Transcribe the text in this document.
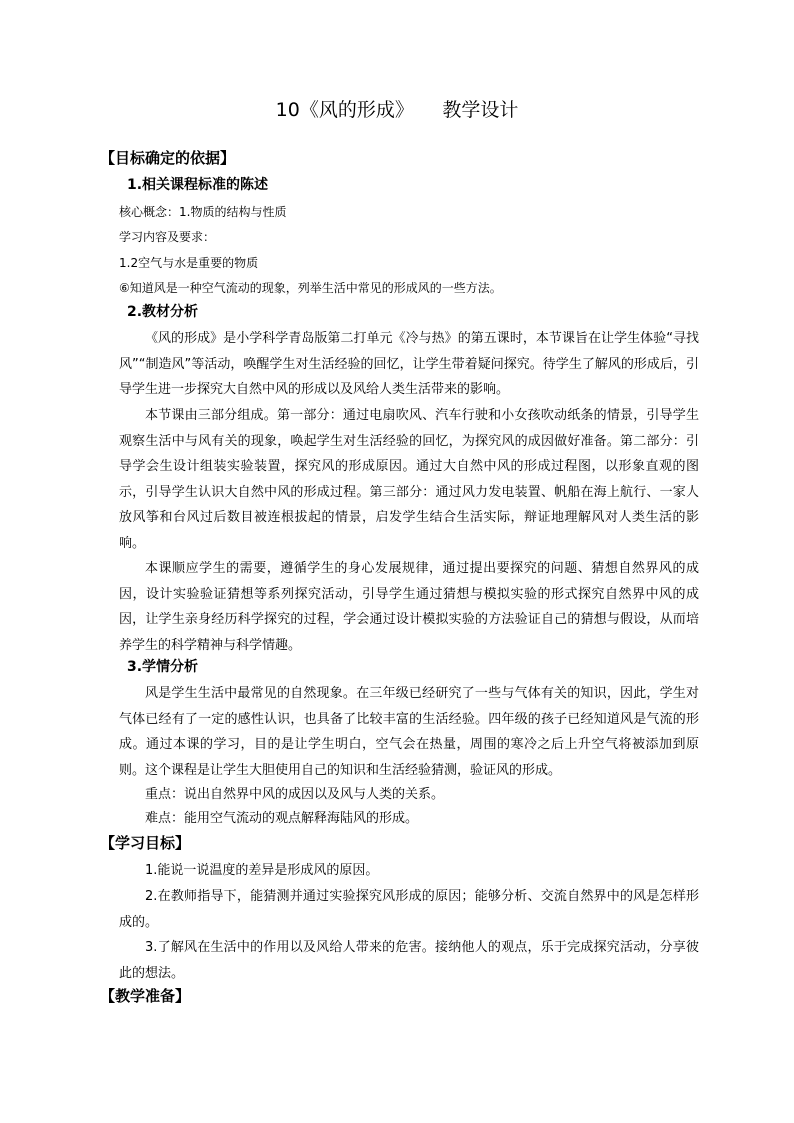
10《风的形成》　　教学设计
【目标确定的依据】
1.相关课程标准的陈述
核心概念：1.物质的结构与性质
学习内容及要求：
1.2空气与水是重要的物质
⑥知道风是一种空气流动的现象，列举生活中常见的形成风的一些方法。
2.教材分析

《风的形成》是小学科学青岛版第二打单元《冷与热》的第五课时，本节课旨在让学生体验“寻找风”“制造风”等活动，唤醒学生对生活经验的回忆，让学生带着疑问探究。待学生了解风的形成后，引导学生进一步探究大自然中风的形成以及风给人类生活带来的影响。

本节课由三部分组成。第一部分：通过电扇吹风、汽车行驶和小女孩吹动纸条的情景，引导学生观察生活中与风有关的现象，唤起学生对生活经验的回忆，为探究风的成因做好准备。第二部分：引导学会生设计组装实验装置，探究风的形成原因。通过大自然中风的形成过程图，以形象直观的图示，引导学生认识大自然中风的形成过程。第三部分：通过风力发电装置、帆船在海上航行、一家人放风筝和台风过后数目被连根拔起的情景，启发学生结合生活实际，辩证地理解风对人类生活的影响。

本课顺应学生的需要，遵循学生的身心发展规律，通过提出要探究的问题、猜想自然界风的成因，设计实验验证猜想等系列探究活动，引导学生通过猜想与模拟实验的形式探究自然界中风的成因，让学生亲身经历科学探究的过程，学会通过设计模拟实验的方法验证自己的猜想与假设，从而培养学生的科学精神与科学情趣。

3.学情分析

风是学生生活中最常见的自然现象。在三年级已经研究了一些与气体有关的知识，因此，学生对气体已经有了一定的感性认识，也具备了比较丰富的生活经验。四年级的孩子已经知道风是气流的形成。通过本课的学习，目的是让学生明白，空气会在热量，周围的寒冷之后上升空气将被添加到原则。这个课程是让学生大胆使用自己的知识和生活经验猜测，验证风的形成。

重点：说出自然界中风的成因以及风与人类的关系。
难点：能用空气流动的观点解释海陆风的形成。
【学习目标】

1.能说一说温度的差异是形成风的原因。

2.在教师指导下，能猜测并通过实验探究风形成的原因；能够分析、交流自然界中的风是怎样形成的。

3.了解风在生活中的作用以及风给人带来的危害。接纳他人的观点，乐于完成探究活动，分享彼此的想法。

【教学准备】
